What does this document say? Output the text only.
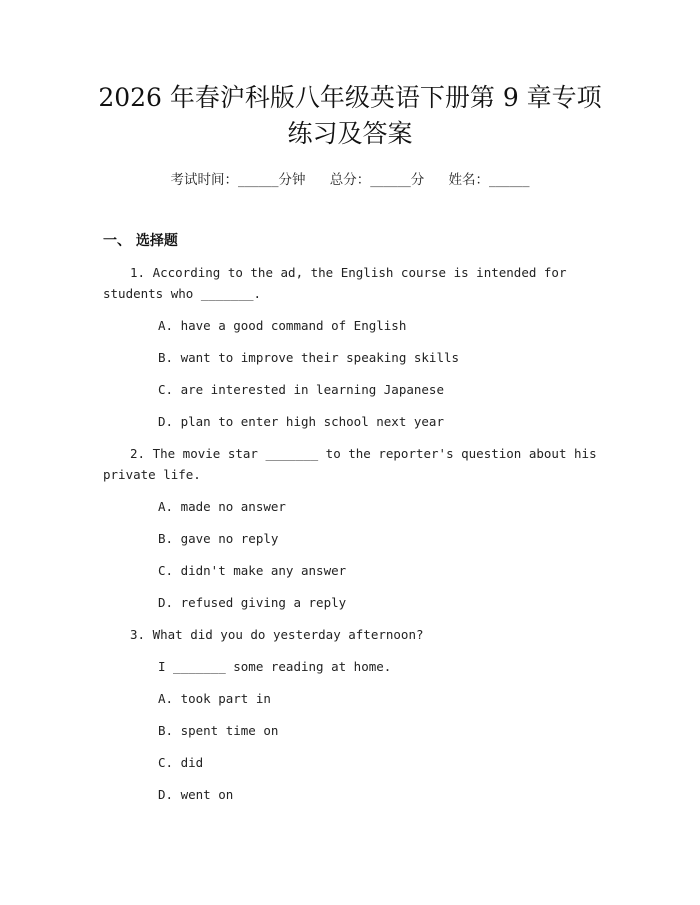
2026 年春沪科版八年级英语下册第 9 章专项
练习及答案
考试时间：______分钟 总分：______分 姓名：______
一、 选择题

1. According to the ad, the English course is intended for students who _______.

A. have a good command of English

B. want to improve their speaking skills

C. are interested in learning Japanese

D. plan to enter high school next year

2. The movie star _______ to the reporter's question about his private life.

A. made no answer

B. gave no reply

C. didn't make any answer

D. refused giving a reply

3. What did you do yesterday afternoon?

I _______ some reading at home.

A. took part in

B. spent time on

C. did

D. went on
